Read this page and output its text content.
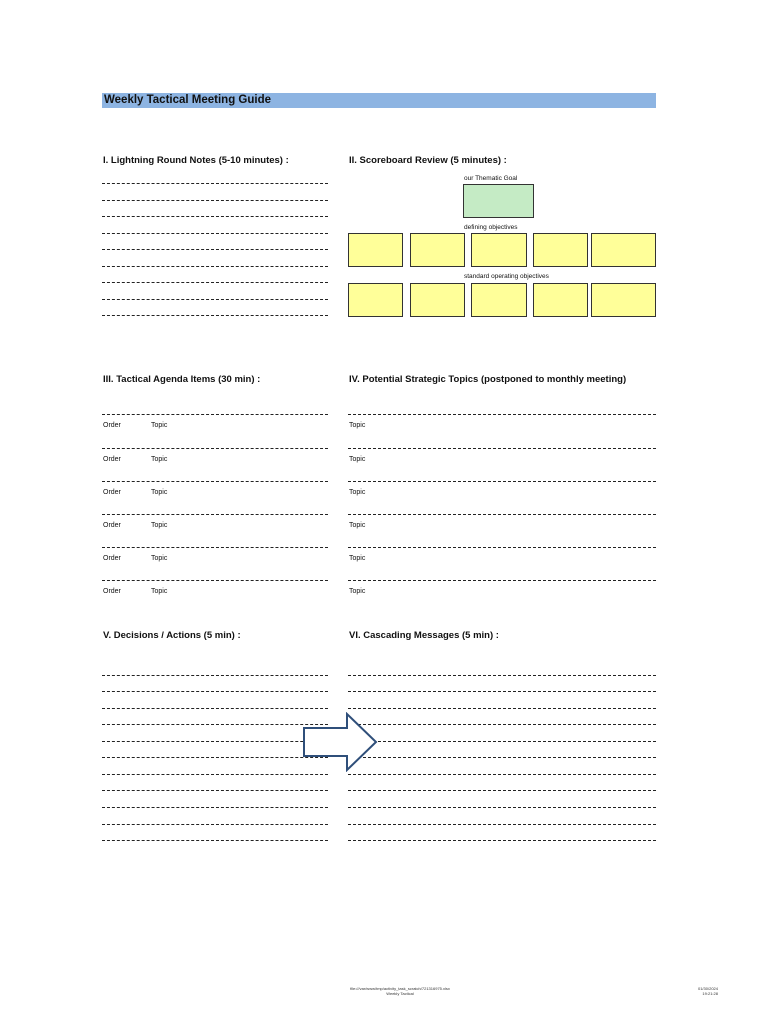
Weekly Tactical Meeting Guide
I. Lightning Round Notes (5-10 minutes) :	II. Scoreboard Review (5 minutes) :
our Thematic Goal
defining objectives
standard operating objectives
III. Tactical Agenda Items (30 min) :	IV. Potential Strategic Topics (postponed to monthly meeting)
Order	Topic	Topic
Order	Topic	Topic
Order	Topic	Topic
Order	Topic	Topic
Order	Topic	Topic
Order	Topic	Topic
V. Decisions / Actions (5 min) :	VI. Cascading Messages (5 min) :
file:///var/www/tmp/activity_task_scratch/721316975.xlsx
Weekly Tactical
01/30/2024
19:21:28
